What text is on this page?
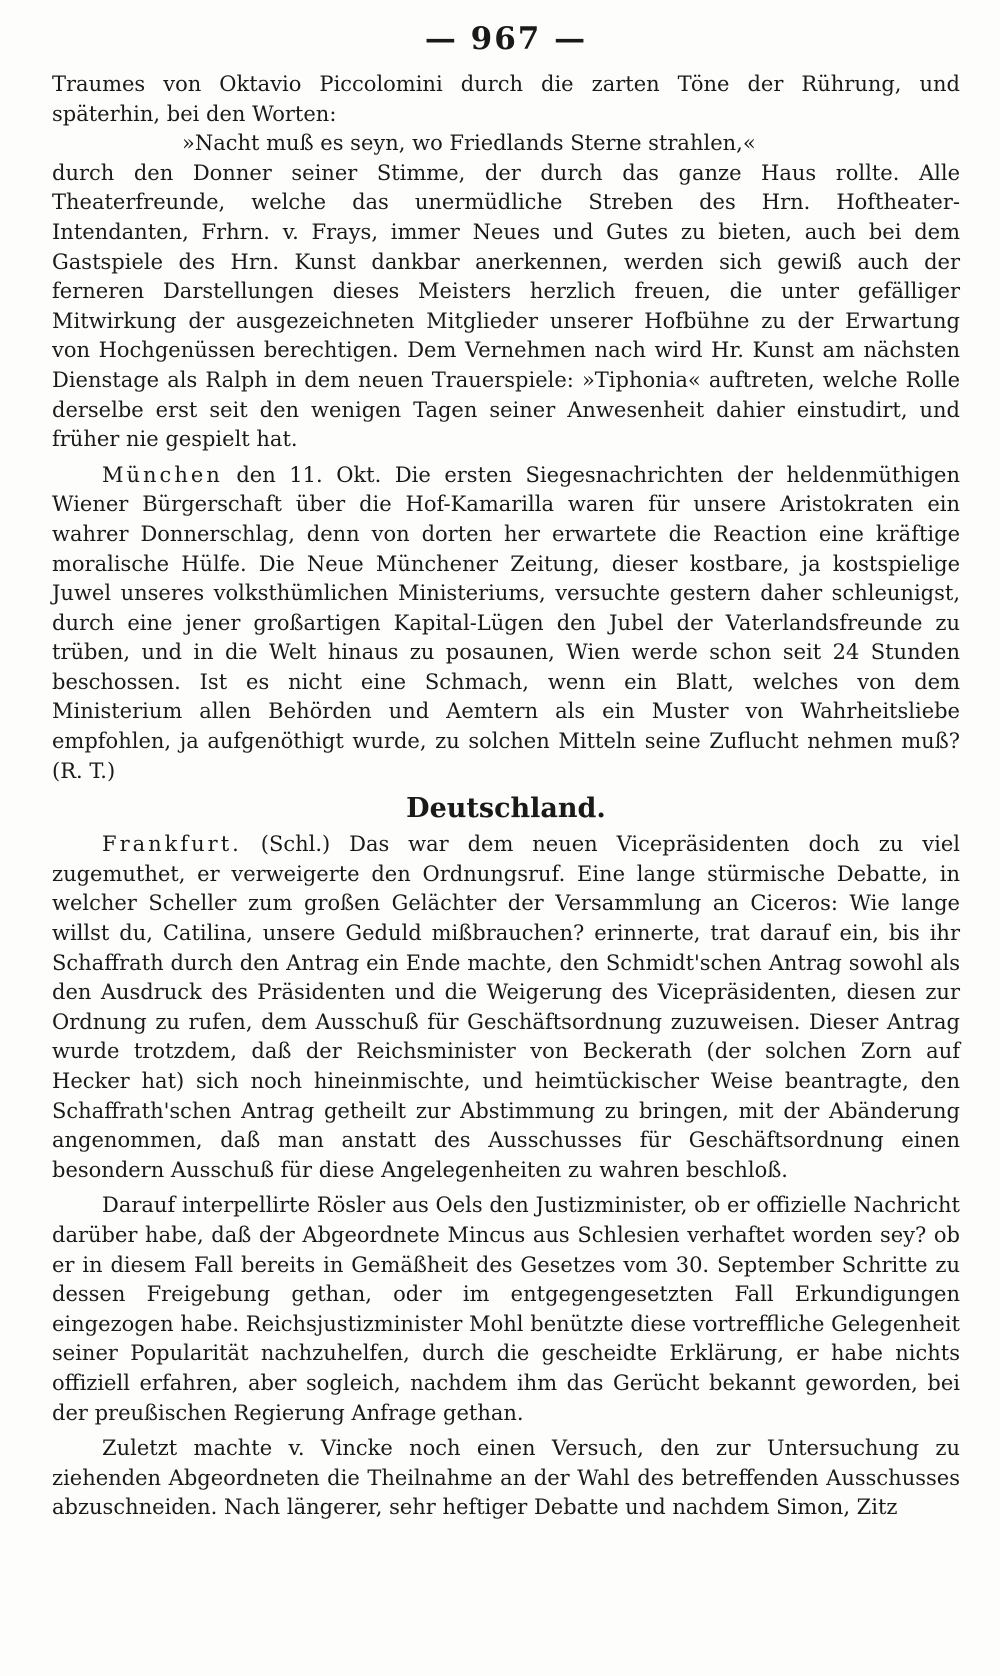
— 967 —

Traumes von Oktavio Piccolomini durch die zarten Töne der Rührung, und späterhin, bei den Worten:

»Nacht muß es seyn, wo Friedlands Sterne strahlen,«

durch den Donner seiner Stimme, der durch das ganze Haus rollte. Alle Theaterfreunde, welche das unermüdliche Streben des Hrn. Hoftheater-Intendanten, Frhrn. v. Frays, immer Neues und Gutes zu bieten, auch bei dem Gastspiele des Hrn. Kunst dankbar anerkennen, werden sich gewiß auch der ferneren Darstellungen dieses Meisters herzlich freuen, die unter gefälliger Mitwirkung der ausgezeichneten Mitglieder unserer Hofbühne zu der Erwartung von Hochgenüssen berechtigen. Dem Vernehmen nach wird Hr. Kunst am nächsten Dienstage als Ralph in dem neuen Trauerspiele: »Tiphonia« auftreten, welche Rolle derselbe erst seit den wenigen Tagen seiner Anwesenheit dahier einstudirt, und früher nie gespielt hat.

München den 11. Okt. Die ersten Siegesnachrichten der heldenmüthigen Wiener Bürgerschaft über die Hof-Kamarilla waren für unsere Aristokraten ein wahrer Donnerschlag, denn von dorten her erwartete die Reaction eine kräftige moralische Hülfe. Die Neue Münchener Zeitung, dieser kostbare, ja kostspielige Juwel unseres volksthümlichen Ministeriums, versuchte gestern daher schleunigst, durch eine jener großartigen Kapital-Lügen den Jubel der Vaterlandsfreunde zu trüben, und in die Welt hinaus zu posaunen, Wien werde schon seit 24 Stunden beschossen. Ist es nicht eine Schmach, wenn ein Blatt, welches von dem Ministerium allen Behörden und Aemtern als ein Muster von Wahrheitsliebe empfohlen, ja aufgenöthigt wurde, zu solchen Mitteln seine Zuflucht nehmen muß? (R. T.)

Deutschland.

Frankfurt. (Schl.) Das war dem neuen Vicepräsidenten doch zu viel zugemuthet, er verweigerte den Ordnungsruf. Eine lange stürmische Debatte, in welcher Scheller zum großen Gelächter der Versammlung an Ciceros: Wie lange willst du, Catilina, unsere Geduld mißbrauchen? erinnerte, trat darauf ein, bis ihr Schaffrath durch den Antrag ein Ende machte, den Schmidt'schen Antrag sowohl als den Ausdruck des Präsidenten und die Weigerung des Vicepräsidenten, diesen zur Ordnung zu rufen, dem Ausschuß für Geschäftsordnung zuzuweisen. Dieser Antrag wurde trotzdem, daß der Reichsminister von Beckerath (der solchen Zorn auf Hecker hat) sich noch hineinmischte, und heimtückischer Weise beantragte, den Schaffrath'schen Antrag getheilt zur Abstimmung zu bringen, mit der Abänderung angenommen, daß man anstatt des Ausschusses für Geschäftsordnung einen besondern Ausschuß für diese Angelegenheiten zu wahren beschloß.

Darauf interpellirte Rösler aus Oels den Justizminister, ob er offizielle Nachricht darüber habe, daß der Abgeordnete Mincus aus Schlesien verhaftet worden sey? ob er in diesem Fall bereits in Gemäßheit des Gesetzes vom 30. September Schritte zu dessen Freigebung gethan, oder im entgegengesetzten Fall Erkundigungen eingezogen habe. Reichsjustizminister Mohl benützte diese vortreffliche Gelegenheit seiner Popularität nachzuhelfen, durch die gescheidte Erklärung, er habe nichts offiziell erfahren, aber sogleich, nachdem ihm das Gerücht bekannt geworden, bei der preußischen Regierung Anfrage gethan.

Zuletzt machte v. Vincke noch einen Versuch, den zur Untersuchung zu ziehenden Abgeordneten die Theilnahme an der Wahl des betreffenden Ausschusses abzuschneiden. Nach längerer, sehr heftiger Debatte und nachdem Simon, Zitz
